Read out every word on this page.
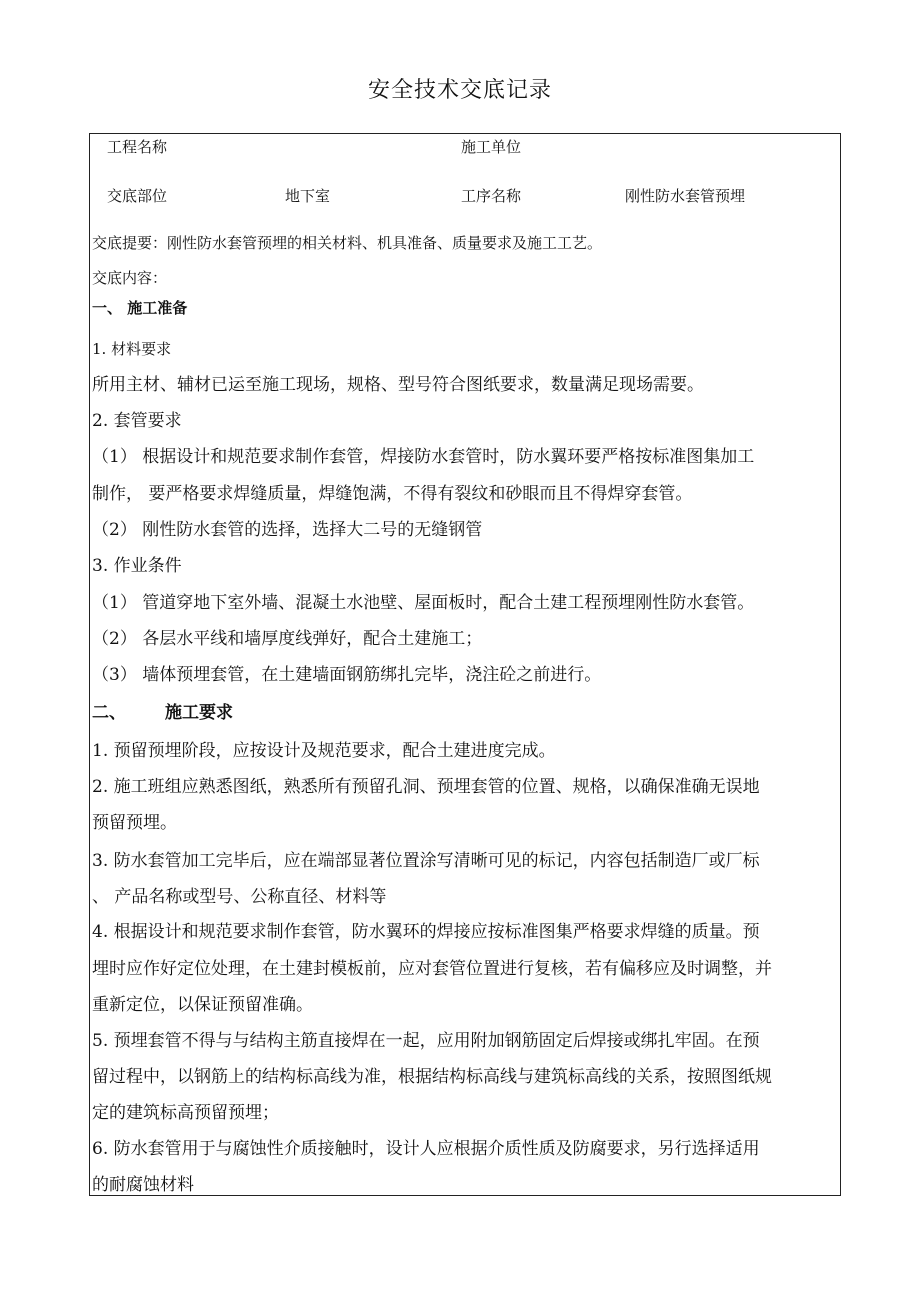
安全技术交底记录
工程名称	施工单位
交底部位	地下室	工序名称	刚性防水套管预埋
交底提要：刚性防水套管预埋的相关材料、机具准备、质量要求及施工工艺。
交底内容：
一、 施工准备
1. 材料要求
所用主材、辅材已运至施工现场，规格、型号符合图纸要求，数量满足现场需要。
2. 套管要求
（1） 根据设计和规范要求制作套管，焊接防水套管时，防水翼环要严格按标准图集加工
制作， 要严格要求焊缝质量，焊缝饱满，不得有裂纹和砂眼而且不得焊穿套管。
（2） 刚性防水套管的选择，选择大二号的无缝钢管
3. 作业条件
（1） 管道穿地下室外墙、混凝土水池壁、屋面板时，配合土建工程预埋刚性防水套管。
（2） 各层水平线和墙厚度线弹好，配合土建施工；
（3） 墙体预埋套管，在土建墙面钢筋绑扎完毕，浇注砼之前进行。
二、 施工要求
1. 预留预埋阶段，应按设计及规范要求，配合土建进度完成。
2. 施工班组应熟悉图纸，熟悉所有预留孔洞、预埋套管的位置、规格，以确保准确无误地
预留预埋。
3. 防水套管加工完毕后，应在端部显著位置涂写清晰可见的标记，内容包括制造厂或厂标
、 产品名称或型号、公称直径、材料等
4. 根据设计和规范要求制作套管，防水翼环的焊接应按标准图集严格要求焊缝的质量。预
埋时应作好定位处理，在土建封模板前，应对套管位置进行复核，若有偏移应及时调整，并
重新定位，以保证预留准确。
5. 预埋套管不得与与结构主筋直接焊在一起，应用附加钢筋固定后焊接或绑扎牢固。在预
留过程中，以钢筋上的结构标高线为准，根据结构标高线与建筑标高线的关系，按照图纸规
定的建筑标高预留预埋；
6. 防水套管用于与腐蚀性介质接触时，设计人应根据介质性质及防腐要求，另行选择适用
的耐腐蚀材料
